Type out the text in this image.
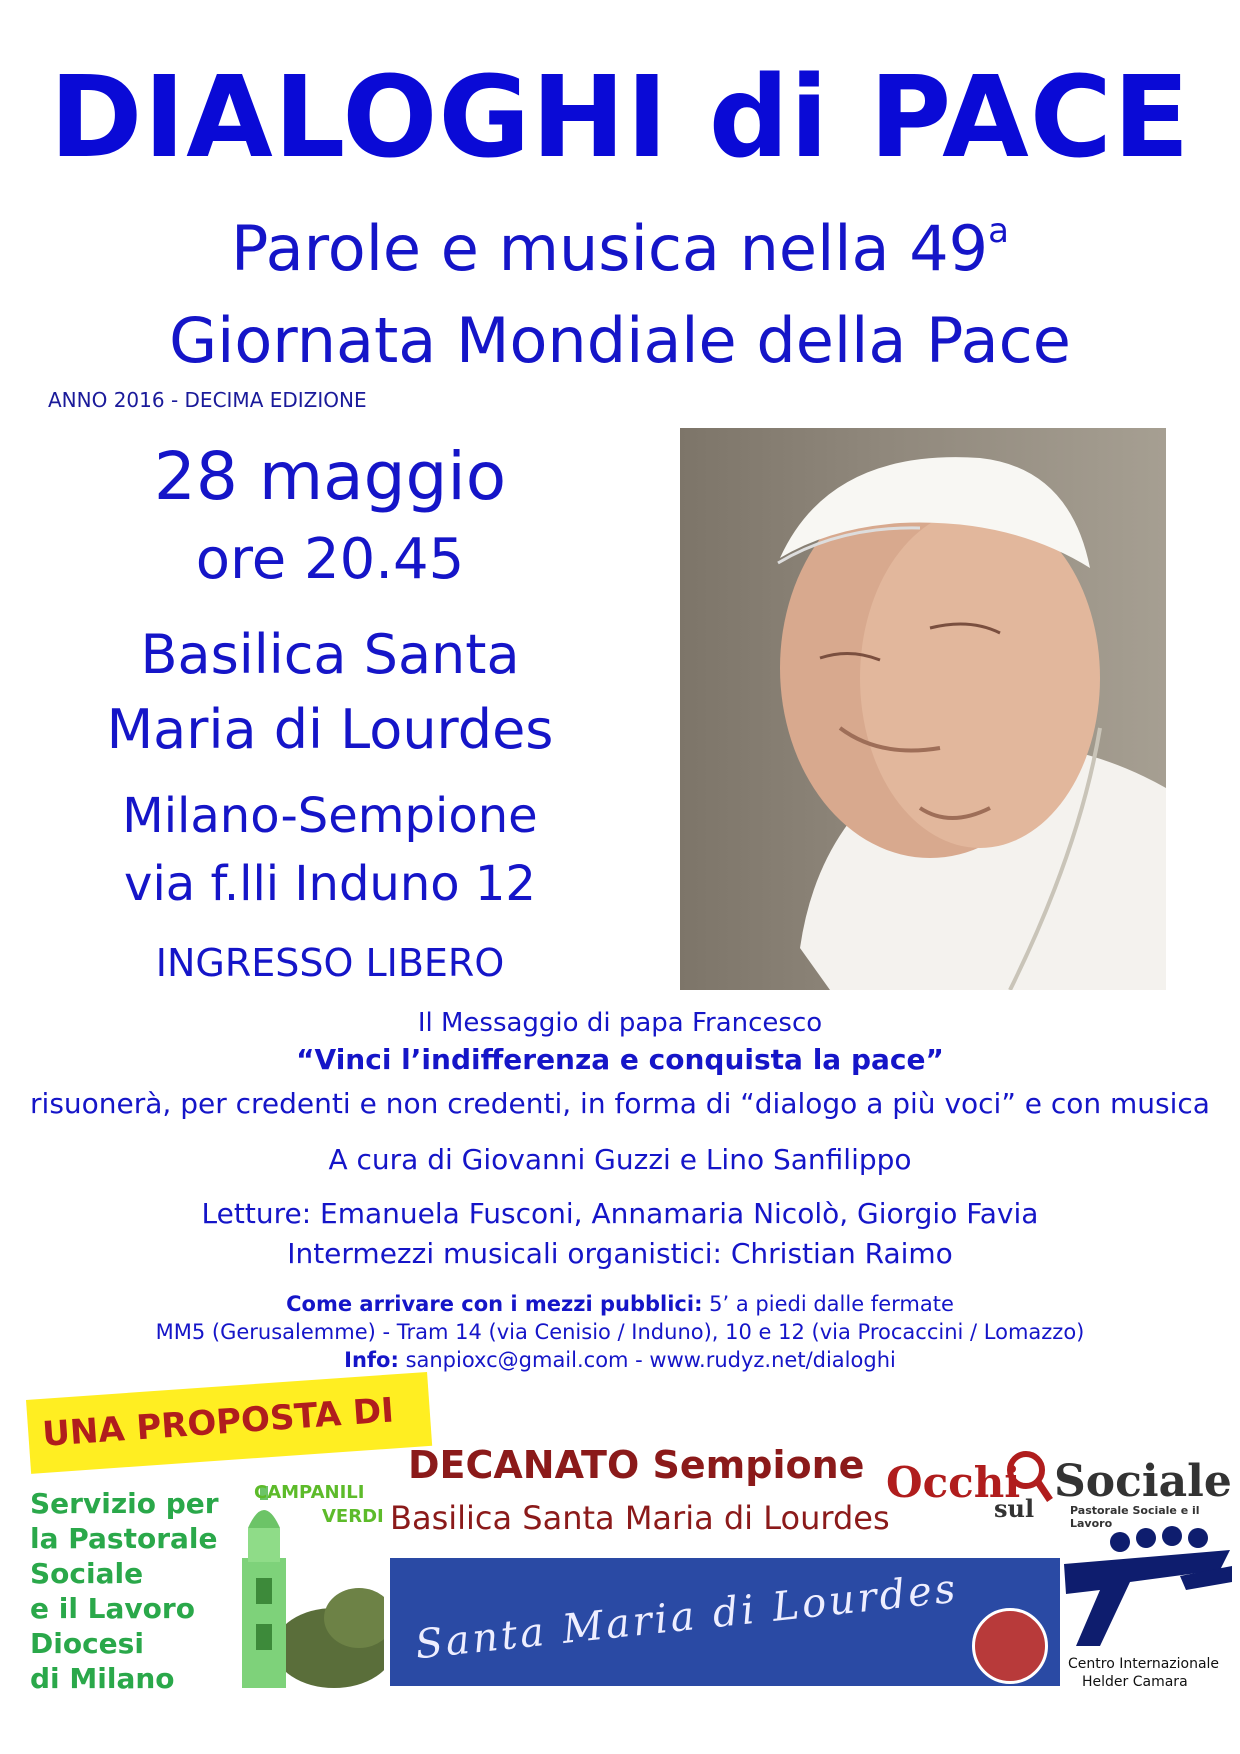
DIALOGHI di PACE
Parole e musica nella 49$^a$
Giornata Mondiale della Pace
ANNO 2016 - DECIMA EDIZIONE
28 maggio
ore 20.45
Basilica Santa
Maria di Lourdes
Milano-Sempione
via f.lli Induno 12
INGRESSO LIBERO
Il Messaggio di papa Francesco
“Vinci l’indifferenza e conquista la pace”
risuonerà, per credenti e non credenti, in forma di “dialogo a più voci” e con musica
A cura di Giovanni Guzzi e Lino Sanfilippo
Letture: Emanuela Fusconi, Annamaria Nicolò, Giorgio Favia
Intermezzi musicali organistici: Christian Raimo
Come arrivare con i mezzi pubblici: 5’ a piedi dalle fermate
MM5 (Gerusalemme) - Tram 14 (via Cenisio / Induno), 10 e 12 (via Procaccini / Lomazzo)
Info: sanpioxc@gmail.com - www.rudyz.net/dialoghi
UNA PROPOSTA DI
Servizio per
la Pastorale
Sociale
e il Lavoro
Diocesi
di Milano
CAMPANILI
VERDI
DECANATO Sempione
Basilica Santa Maria di Lourdes
Occhi Sociale
sul	Pastorale Sociale e il Lavoro
Santa Maria di Lourdes	Centro Internazionale
Helder Camara
